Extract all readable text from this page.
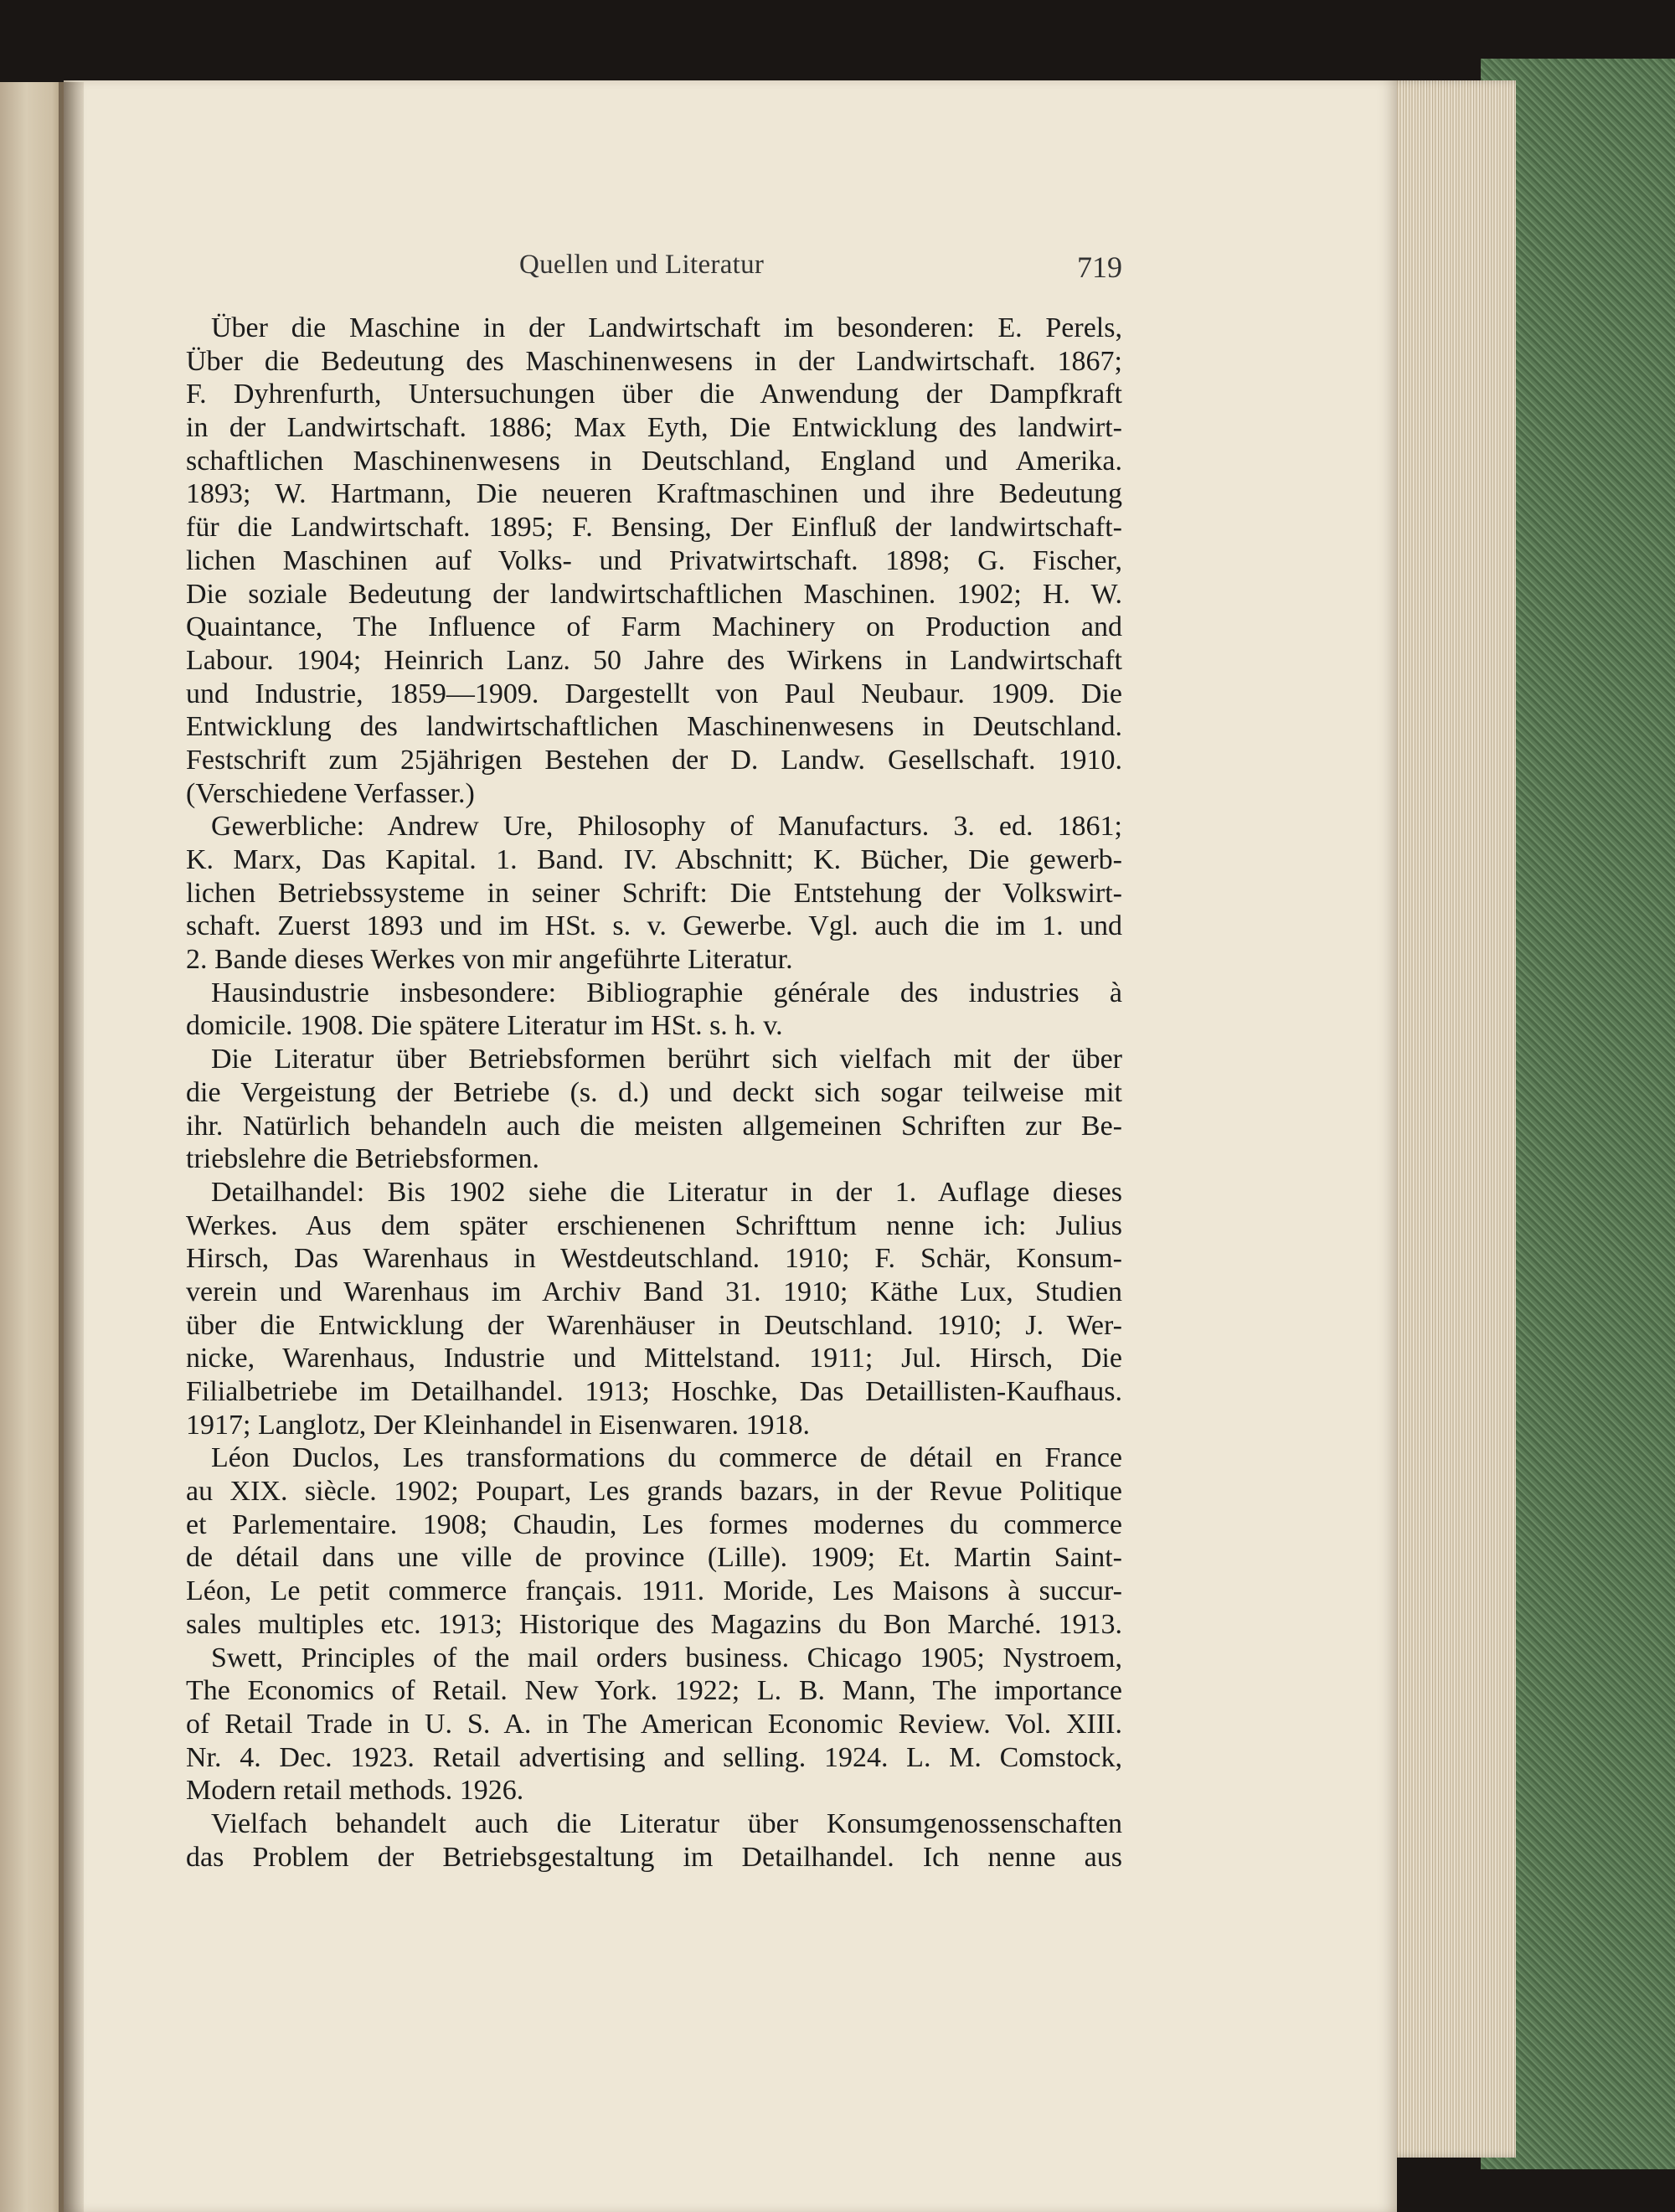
Quellen und Literatur	719
Über die Maschine in der Landwirtschaft im besonderen: E. Perels,
Über die Bedeutung des Maschinenwesens in der Landwirtschaft. 1867;
F. Dyhrenfurth, Untersuchungen über die Anwendung der Dampfkraft
in der Landwirtschaft. 1886; Max Eyth, Die Entwicklung des landwirt-
schaftlichen Maschinenwesens in Deutschland, England und Amerika.
1893; W. Hartmann, Die neueren Kraftmaschinen und ihre Bedeutung
für die Landwirtschaft. 1895; F. Bensing, Der Einfluß der landwirtschaft-
lichen Maschinen auf Volks- und Privatwirtschaft. 1898; G. Fischer,
Die soziale Bedeutung der landwirtschaftlichen Maschinen. 1902; H. W.
Quaintance, The Influence of Farm Machinery on Production and
Labour. 1904; Heinrich Lanz. 50 Jahre des Wirkens in Landwirtschaft
und Industrie, 1859—1909. Dargestellt von Paul Neubaur. 1909. Die
Entwicklung des landwirtschaftlichen Maschinenwesens in Deutschland.
Festschrift zum 25jährigen Bestehen der D. Landw. Gesellschaft. 1910.
(Verschiedene Verfasser.)
Gewerbliche: Andrew Ure, Philosophy of Manufacturs. 3. ed. 1861;
K. Marx, Das Kapital. 1. Band. IV. Abschnitt; K. Bücher, Die gewerb-
lichen Betriebssysteme in seiner Schrift: Die Entstehung der Volkswirt-
schaft. Zuerst 1893 und im HSt. s. v. Gewerbe. Vgl. auch die im 1. und
2. Bande dieses Werkes von mir angeführte Literatur.
Hausindustrie insbesondere: Bibliographie générale des industries à
domicile. 1908. Die spätere Literatur im HSt. s. h. v.
Die Literatur über Betriebsformen berührt sich vielfach mit der über
die Vergeistung der Betriebe (s. d.) und deckt sich sogar teilweise mit
ihr. Natürlich behandeln auch die meisten allgemeinen Schriften zur Be-
triebslehre die Betriebsformen.
Detailhandel: Bis 1902 siehe die Literatur in der 1. Auflage dieses
Werkes. Aus dem später erschienenen Schrifttum nenne ich: Julius
Hirsch, Das Warenhaus in Westdeutschland. 1910; F. Schär, Konsum-
verein und Warenhaus im Archiv Band 31. 1910; Käthe Lux, Studien
über die Entwicklung der Warenhäuser in Deutschland. 1910; J. Wer-
nicke, Warenhaus, Industrie und Mittelstand. 1911; Jul. Hirsch, Die
Filialbetriebe im Detailhandel. 1913; Hoschke, Das Detaillisten-Kaufhaus.
1917; Langlotz, Der Kleinhandel in Eisenwaren. 1918.
Léon Duclos, Les transformations du commerce de détail en France
au XIX. siècle. 1902; Poupart, Les grands bazars, in der Revue Politique
et Parlementaire. 1908; Chaudin, Les formes modernes du commerce
de détail dans une ville de province (Lille). 1909; Et. Martin Saint-
Léon, Le petit commerce français. 1911. Moride, Les Maisons à succur-
sales multiples etc. 1913; Historique des Magazins du Bon Marché. 1913.
Swett, Principles of the mail orders business. Chicago 1905; Nystroem,
The Economics of Retail. New York. 1922; L. B. Mann, The importance
of Retail Trade in U. S. A. in The American Economic Review. Vol. XIII.
Nr. 4. Dec. 1923. Retail advertising and selling. 1924. L. M. Comstock,
Modern retail methods. 1926.
Vielfach behandelt auch die Literatur über Konsumgenossenschaften
das Problem der Betriebsgestaltung im Detailhandel. Ich nenne aus
